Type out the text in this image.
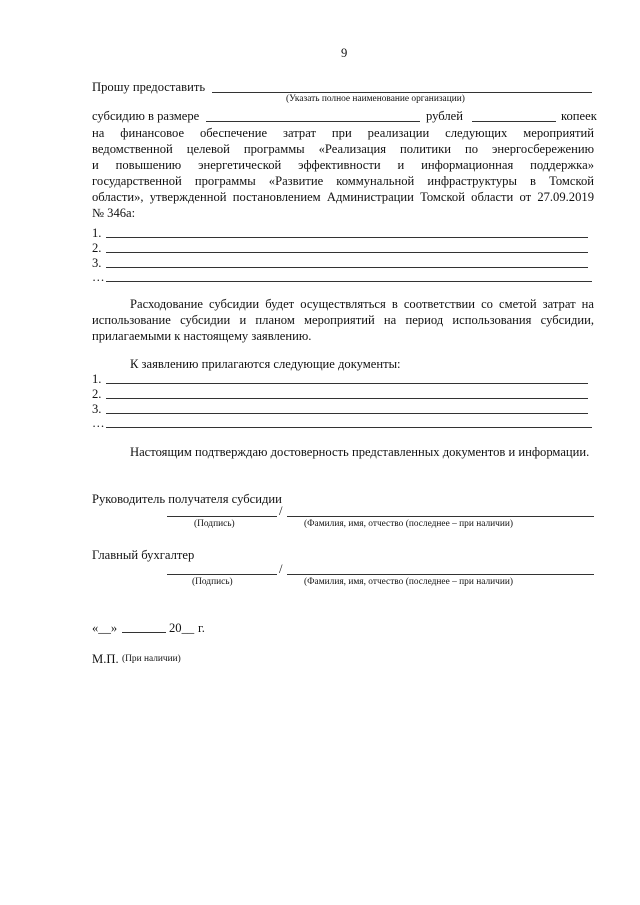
9
Прошу предоставить
(Указать полное наименование организации)
субсидию в размере	рублей	копеек
на финансовое обеспечение затрат при реализации следующих мероприятий
ведомственной целевой программы «Реализация политики по энергосбережению
и повышению энергетической эффективности и информационная поддержка»
государственной программы «Развитие коммунальной инфраструктуры в Томской
области», утвержденной постановлением Администрации Томской области от 27.09.2019
№ 346а:
1.
2.
3.
…
Расходование субсидии будет осуществляться в соответствии со сметой затрат на использование субсидии и планом мероприятий на период использования субсидии, прилагаемыми к настоящему заявлению.
К заявлению прилагаются следующие документы:
1.
2.
3.
…
Настоящим подтверждаю достоверность представленных документов и информации.
Руководитель получателя субсидии
/
(Подпись)	(Фамилия, имя, отчество (последнее – при наличии)
Главный бухгалтер
/
(Подпись)	(Фамилия, имя, отчество (последнее – при наличии)
«__»	20__ г.
М.П. (При наличии)
